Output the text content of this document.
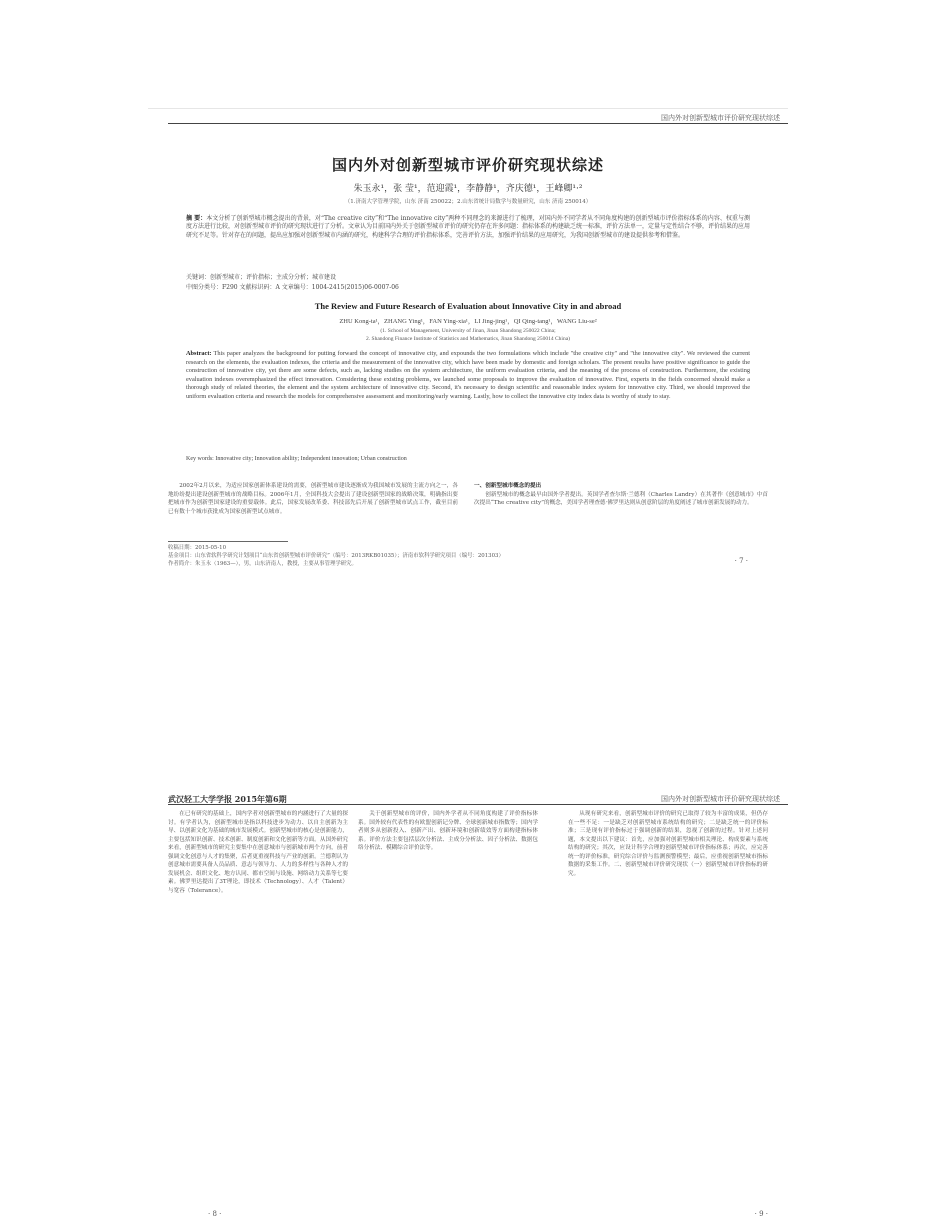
国内外对创新型城市评价研究现状综述
国内外对创新型城市评价研究现状综述
朱玉永¹，张 莹¹，范迎霞¹，李静静¹，齐庆德¹，王峰卿¹·²
（1.济南大学管理学院，山东 济南 250022；2.山东省统计局数学与数量研究，山东 济南 250014）
摘 要：本文分析了创新型城市概念提出的背景，对“The creative city”和“The innovative city”两种不同理念的来源进行了梳理，对国内外不同学者从不同角度构建的创新型城市评价指标体系的内容、权重与测度方法进行比较，对创新型城市评价的研究现状进行了分析。文章认为目前国内外关于创新型城市评价的研究仍存在许多问题：指标体系的构建缺乏统一标准，评价方法单一，定量与定性结合不够，评价结果的应用研究不足等。针对存在的问题，提出应加强对创新型城市内涵的研究，构建科学合理的评价指标体系，完善评价方法，加强评价结果的应用研究，为我国创新型城市的建设提供参考和借鉴。
关键词：创新型城市；评价指标；主成分分析；城市建设
中图分类号：F290 文献标识码：A 文章编号：1004-2415(2015)06-0007-06
The Review and Future Research of Evaluation about Innovative City in and abroad
ZHU Kong-ta¹，ZHANG Ying¹，FAN Ying-xia¹，LI Jing-jing¹，QI Qing-tang¹，WANG Liu-se²
(1. School of Management, University of Jinan, Jinan Shandong 250022 China;
2. Shandong Finance Institute of Statistics and Mathematics, Jinan Shandong 250014 China)
Abstract: This paper analyzes the background for putting forward the concept of innovative city, and expounds the two formulations which include "the creative city" and "the innovative city". We reviewed the current research on the elements, the evaluation indexes, the criteria and the measurement of the innovative city, which have been made by domestic and foreign scholars. The present results have positive significance to guide the construction of innovative city, yet there are some defects, such as, lacking studies on the system architecture, the uniform evaluation criteria, and the meaning of the process of construction. Furthermore, the existing evaluation indexes overemphasized the effect innovation. Considering these existing problems, we launched some proposals to improve the evaluation of innovative. First, experts in the fields concerned should make a thorough study of related theories, the element and the system architecture of innovative city. Second, it's necessary to design scientific and reasonable index system for innovative city. Third, we should improved the uniform evaluation criteria and research the models for comprehensive assessment and monitoring/early warning. Lastly, how to collect the innovative city index data is worthy of study to stay.
Key words: Innovative city; Innovation ability; Independent innovation; Urban construction

2002年2月以来，为适应国家创新体系建设的需要，创新型城市建设逐渐成为我国城市发展的主流方向之一，各地纷纷提出建设创新型城市的战略目标。2006年1月，全国科技大会提出了建设创新型国家的战略决策，明确指出要把城市作为创新型国家建设的重要载体。此后，国家发展改革委、科技部先后开展了创新型城市试点工作，截至目前已有数十个城市获批成为国家创新型试点城市。

一、创新型城市概念的提出

创新型城市的概念最早由国外学者提出。英国学者查尔斯·兰德利（Charles Landry）在其著作《创意城市》中首次提出“The creative city”的概念，美国学者理查德·佛罗里达则从创意阶层的角度阐述了城市创新发展的动力。

收稿日期：2015-05-10
基金项目：山东省软科学研究计划项目“山东省创新型城市评价研究”（编号：2013RKB01035）；济南市软科学研究项目（编号：201303）
作者简介：朱玉永（1963—），男，山东济南人，教授，主要从事管理学研究。	· 7 ·
武汉轻工大学学报 2015年第6期	国内外对创新型城市评价研究现状综述

在已有研究的基础上，国内学者对创新型城市的内涵进行了大量的探讨。有学者认为，创新型城市是指以科技进步为动力、以自主创新为主导、以创新文化为基础的城市发展模式。创新型城市的核心是创新能力，主要包括知识创新、技术创新、制度创新和文化创新等方面。从国外研究来看，创新型城市的研究主要集中在创意城市与创新城市两个方向，前者强调文化创意与人才的集聚，后者更重视科技与产业的创新。兰德利认为创意城市需要具备人员品质、意志与领导力、人力的多样性与各种人才的发展机会、组织文化、地方认同、都市空间与设施、网络动力关系等七要素。佛罗里达提出了3T理论，即技术（Technology）、人才（Talent）与宽容（Tolerance）。

关于创新型城市的评价，国内外学者从不同角度构建了评价指标体系。国外较有代表性的有欧盟创新记分牌、全球创新城市指数等；国内学者则多从创新投入、创新产出、创新环境和创新绩效等方面构建指标体系。评价方法主要包括层次分析法、主成分分析法、因子分析法、数据包络分析法、模糊综合评价法等。

从现有研究来看，创新型城市评价的研究已取得了较为丰富的成果，但仍存在一些不足：一是缺乏对创新型城市系统结构的研究；二是缺乏统一的评价标准；三是现有评价指标过于强调创新的结果，忽视了创新的过程。针对上述问题，本文提出以下建议：首先，应加强对创新型城市相关理论、构成要素与系统结构的研究；其次，应设计科学合理的创新型城市评价指标体系；再次，应完善统一的评价标准，研究综合评价与监测预警模型；最后，应重视创新型城市指标数据的采集工作。二、创新型城市评价研究现状（一）创新型城市评价指标的研究。

· 8 ·	· 9 ·
